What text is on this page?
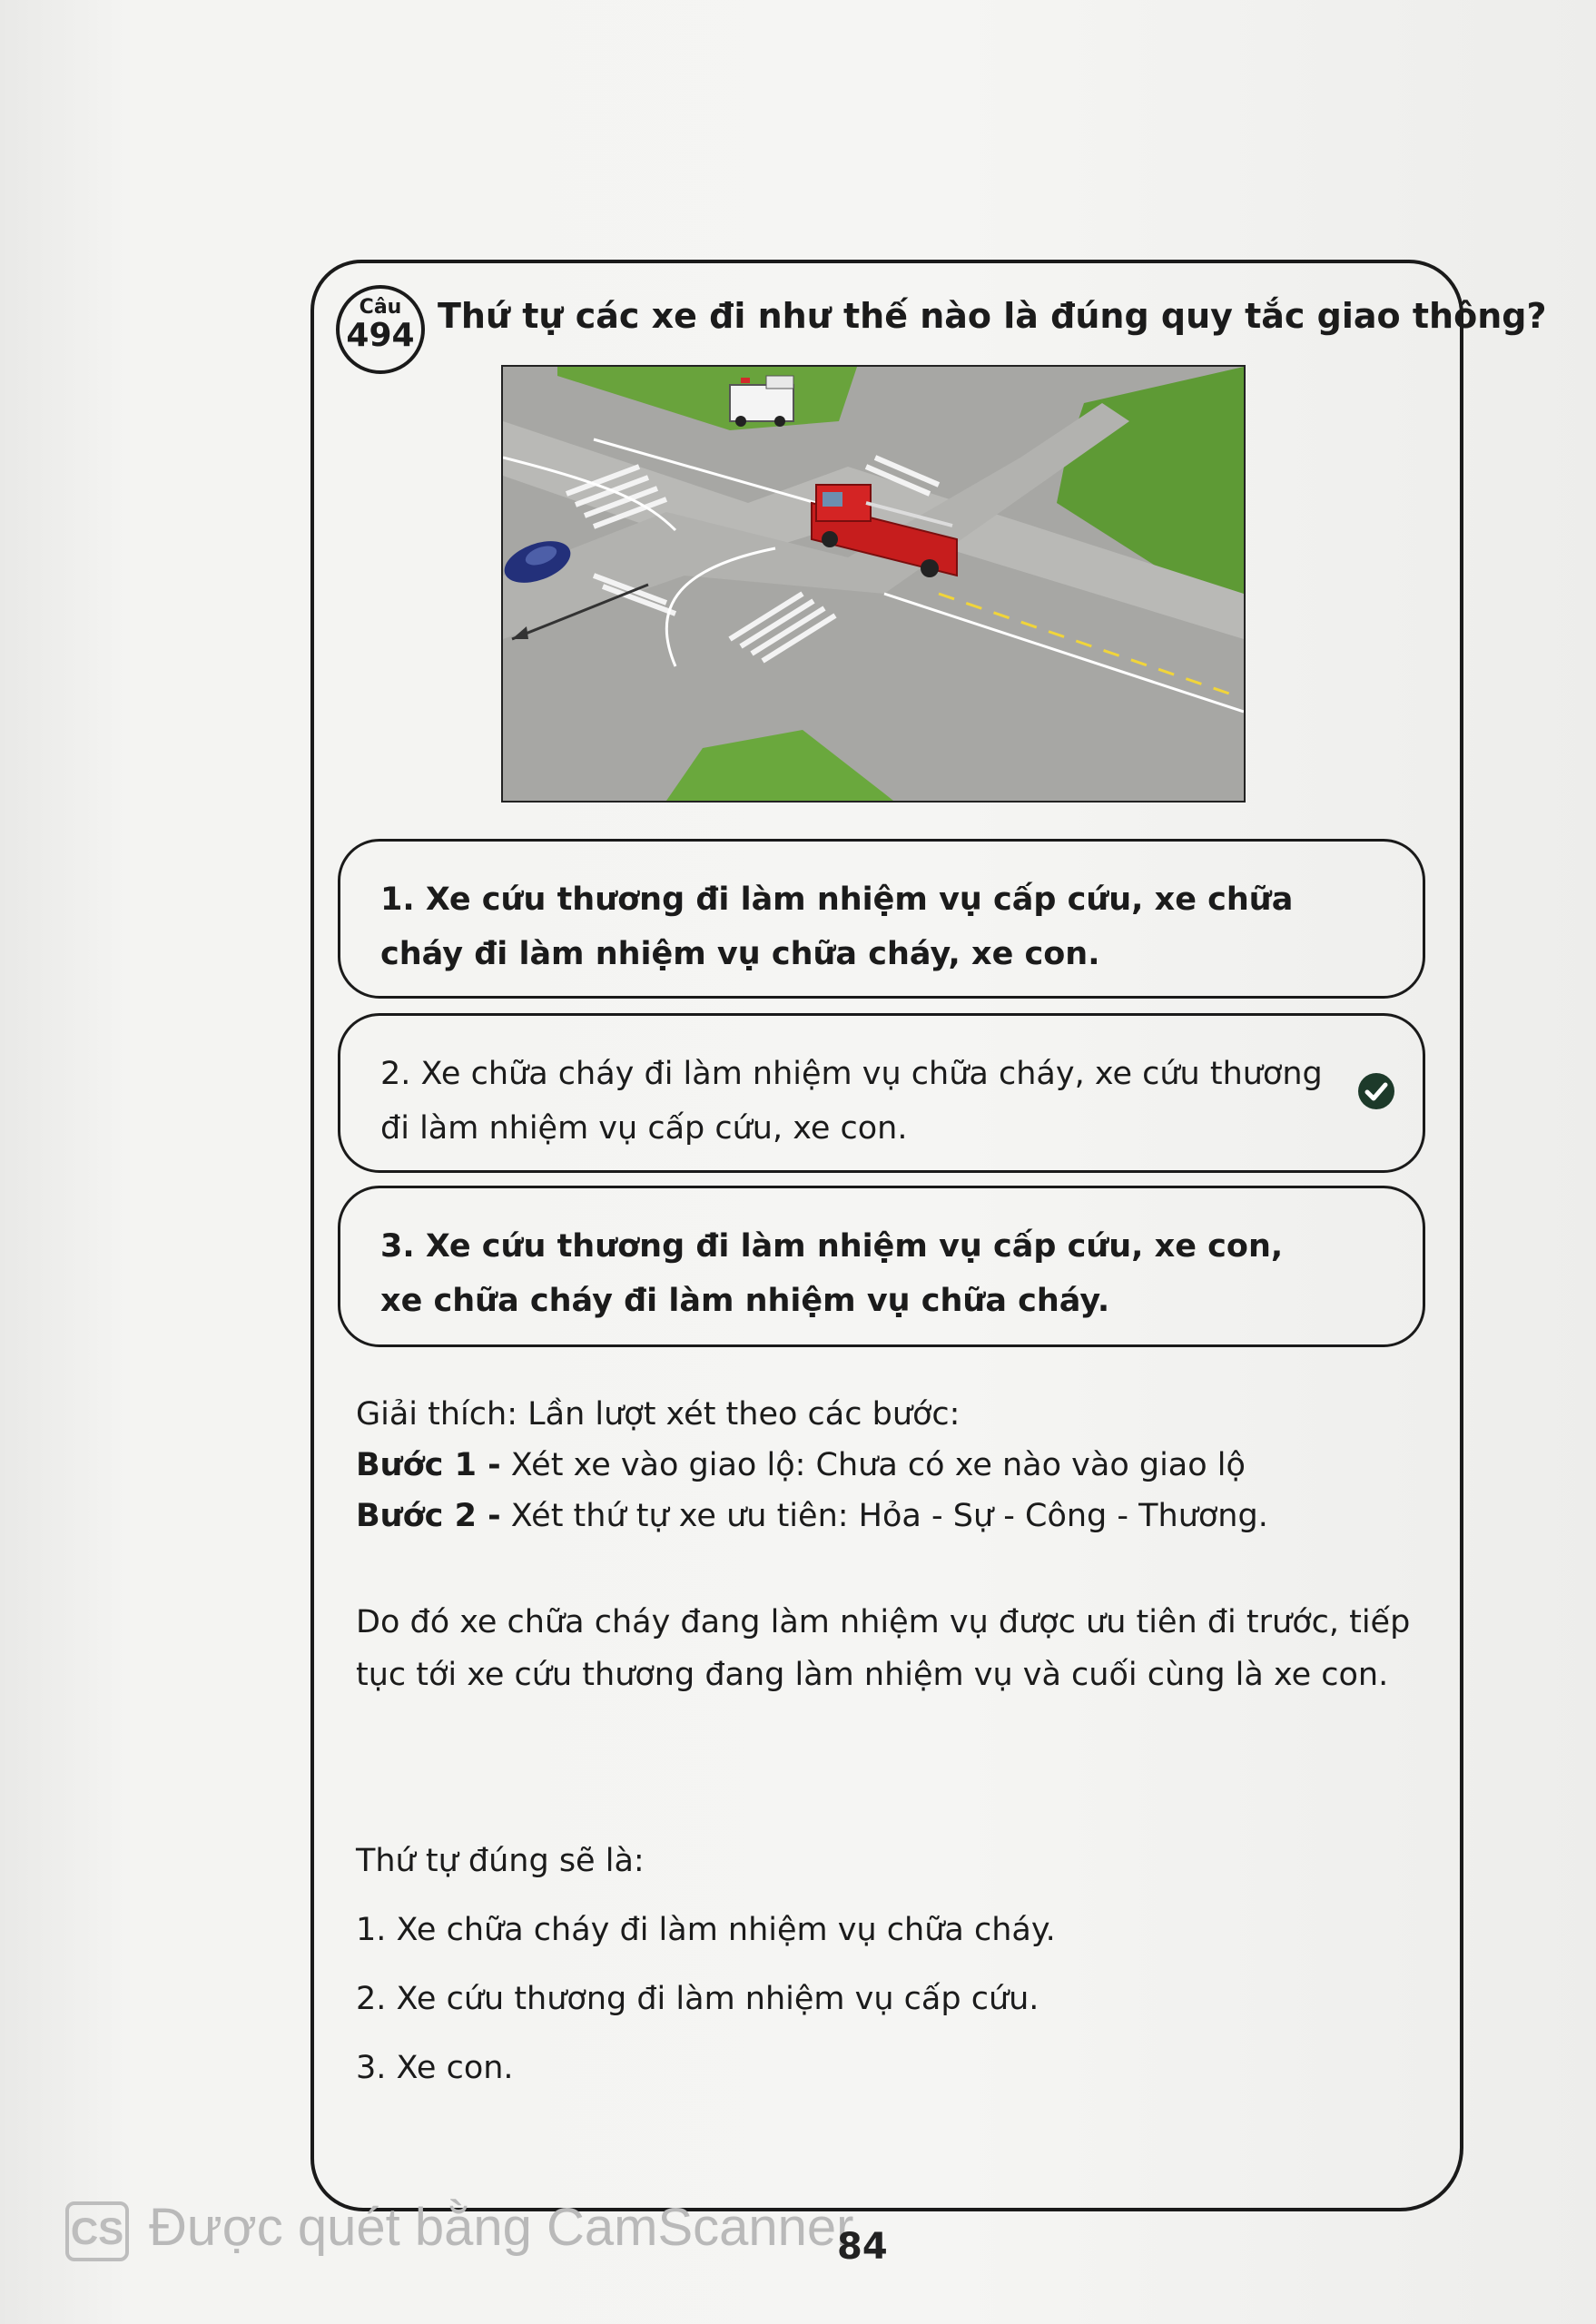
Câu
494 Thứ tự các xe đi như thế nào là đúng quy tắc giao thông?
1. Xe cứu thương đi làm nhiệm vụ cấp cứu, xe chữa cháy đi làm nhiệm vụ chữa cháy, xe con.
2. Xe chữa cháy đi làm nhiệm vụ chữa cháy, xe cứu thương đi làm nhiệm vụ cấp cứu, xe con.
3. Xe cứu thương đi làm nhiệm vụ cấp cứu, xe con, xe chữa cháy đi làm nhiệm vụ chữa cháy.
Giải thích: Lần lượt xét theo các bước:
Bước 1 - Xét xe vào giao lộ: Chưa có xe nào vào giao lộ
Bước 2 - Xét thứ tự xe ưu tiên: Hỏa - Sự - Công - Thương.
Do đó xe chữa cháy đang làm nhiệm vụ được ưu tiên đi trước, tiếp tục tới xe cứu thương đang làm nhiệm vụ và cuối cùng là xe con.
Thứ tự đúng sẽ là:
1. Xe chữa cháy đi làm nhiệm vụ chữa cháy.
2. Xe cứu thương đi làm nhiệm vụ cấp cứu.
3. Xe con.
CS Được quét bằng CamScanner
84
